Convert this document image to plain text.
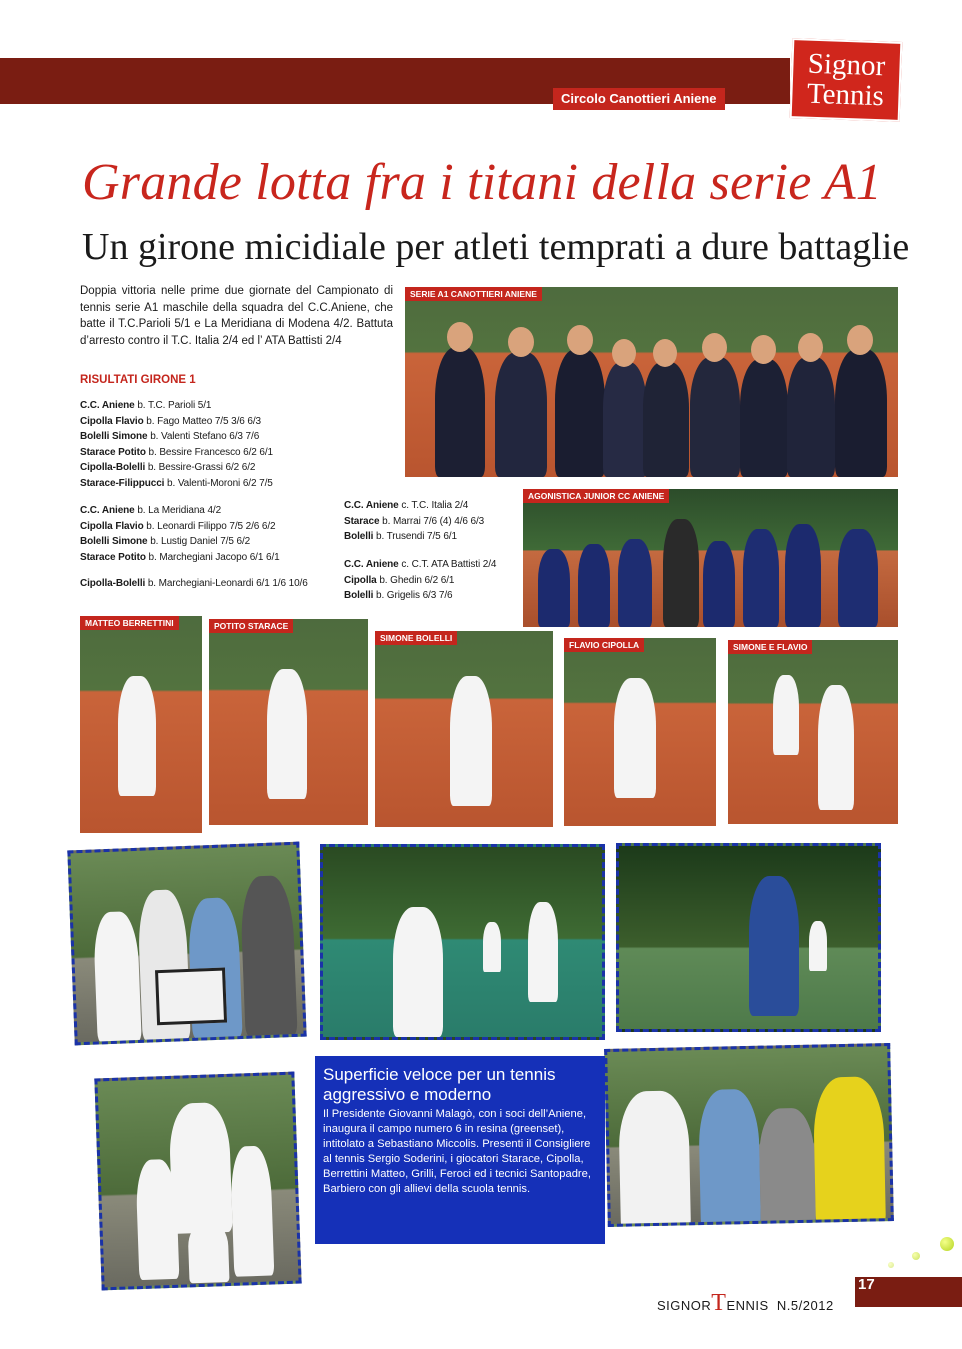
Circolo Canottieri Aniene
Signor
Tennis
Grande lotta fra i titani della serie A1
Un girone micidiale per atleti temprati a dure battaglie
Doppia vittoria nelle prime due giornate del Campionato di tennis serie A1 maschile della squadra del C.C.Aniene, che batte il T.C.Parioli 5/1 e La Meridiana di Modena 4/2. Battuta d’arresto contro il T.C. Italia 2/4 ed l’ ATA Battisti 2/4
RISULTATI GIRONE 1
C.C. Aniene b. T.C. Parioli 5/1
Cipolla Flavio b. Fago Matteo 7/5 3/6 6/3
Bolelli Simone b. Valenti Stefano 6/3 7/6
Starace Potito b. Bessire Francesco 6/2 6/1
Cipolla-Bolelli b. Bessire-Grassi 6/2 6/2
Starace-Filippucci b. Valenti-Moroni 6/2 7/5
C.C. Aniene b. La Meridiana 4/2
Cipolla Flavio b. Leonardi Filippo 7/5 2/6 6/2
Bolelli Simone b. Lustig Daniel 7/5 6/2
Starace Potito b. Marchegiani Jacopo 6/1 6/1
Cipolla-Bolelli b. Marchegiani-Leonardi 6/1 1/6 10/6
C.C. Aniene c. T.C. Italia 2/4
Starace b. Marrai 7/6 (4) 4/6 6/3
Bolelli b. Trusendi 7/5 6/1
C.C. Aniene c. C.T. ATA Battisti 2/4
Cipolla b. Ghedin 6/2 6/1
Bolelli b. Grigelis 6/3 7/6
SERIE A1 CANOTTIERI ANIENE
AGONISTICA JUNIOR CC ANIENE
MATTEO BERRETTINI	POTITO STARACE
SIMONE BOLELLI
FLAVIO CIPOLLA	SIMONE E FLAVIO
Superficie veloce per un tennis aggressivo e moderno

Il Presidente Giovanni Malagò, con i soci dell’Aniene, inaugura il campo numero 6 in resina (greenset), intitolato a Sebastiano Miccolis. Presenti il Consigliere al tennis Sergio Soderini, i giocatori Starace, Cipolla, Berrettini Matteo, Grilli, Feroci ed i tecnici Santopadre, Barbiero con gli allievi della scuola tennis.

SIGNORTENNIS  N.5/2012
17
